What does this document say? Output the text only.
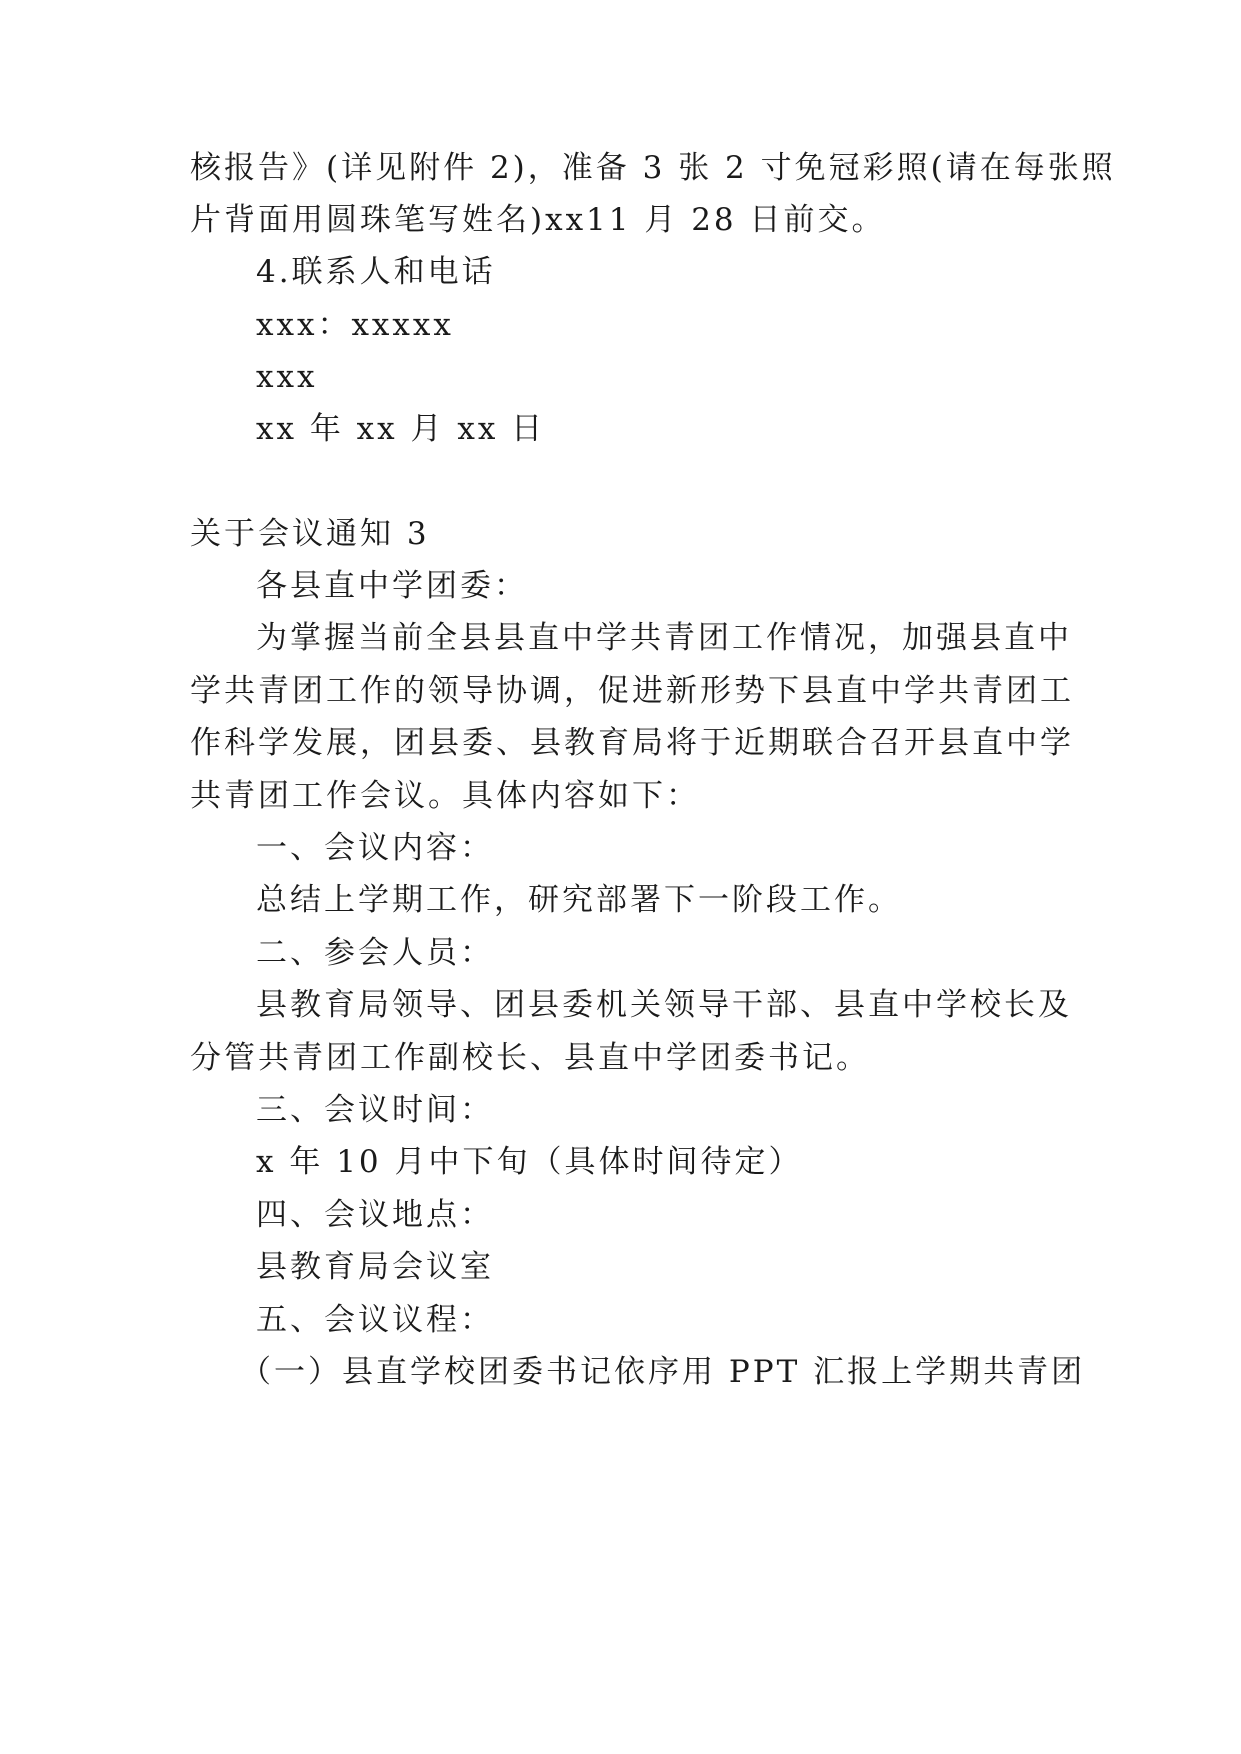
核报告》(详见附件 2)，准备 3 张 2 寸免冠彩照(请在每张照
片背面用圆珠笔写姓名)xx11 月 28 日前交。
4.联系人和电话
xxx：xxxxx
xxx
xx 年 xx 月 xx 日
关于会议通知 3
各县直中学团委：
为掌握当前全县县直中学共青团工作情况，加强县直中
学共青团工作的领导协调，促进新形势下县直中学共青团工
作科学发展，团县委、县教育局将于近期联合召开县直中学
共青团工作会议。具体内容如下：
一、会议内容：
总结上学期工作，研究部署下一阶段工作。
二、参会人员：
县教育局领导、团县委机关领导干部、县直中学校长及
分管共青团工作副校长、县直中学团委书记。
三、会议时间：
x 年 10 月中下旬（具体时间待定）
四、会议地点：
县教育局会议室
五、会议议程：
（一）县直学校团委书记依序用 PPT 汇报上学期共青团
